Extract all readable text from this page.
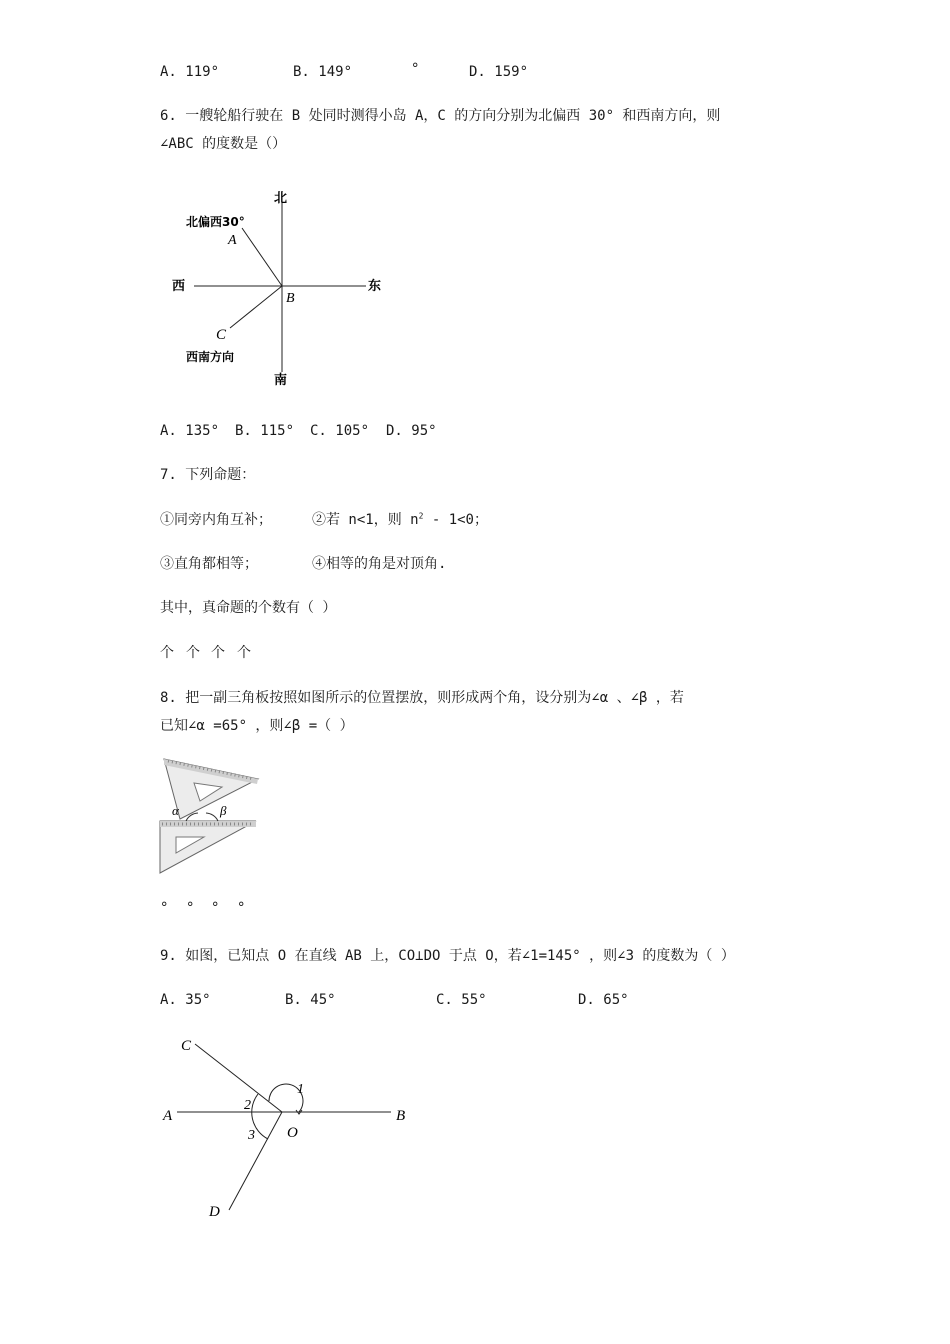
A. 119°	B. 149°	°	D. 159°
6. 一艘轮船行驶在 B 处同时测得小岛 A，C 的方向分别为北偏西 30° 和西南方向，则
∠ABC 的度数是（）
北
南
东
西
北偏西30°
A
B
C
西南方向
A. 135° B. 115° C. 105° D. 95°
7. 下列命题：
①同旁内角互补；	②若 n<1，则 $n^2 - 1<0$；
③直角都相等；	④相等的角是对顶角.
其中，真命题的个数有（ ）
个 个 个 个
8. 把一副三角板按照如图所示的位置摆放，则形成两个角，设分别为∠α 、∠β ，若
已知∠α =65° ，则∠β =（ ）
α	β
° ° ° °
9. 如图，已知点 O 在直线 AB 上，CO⊥DO 于点 O，若∠1=145° ，则∠3 的度数为（ ）
A. 35°	B. 45°	C. 55°	D. 65°
A	B
C
D
O
1
2
3
